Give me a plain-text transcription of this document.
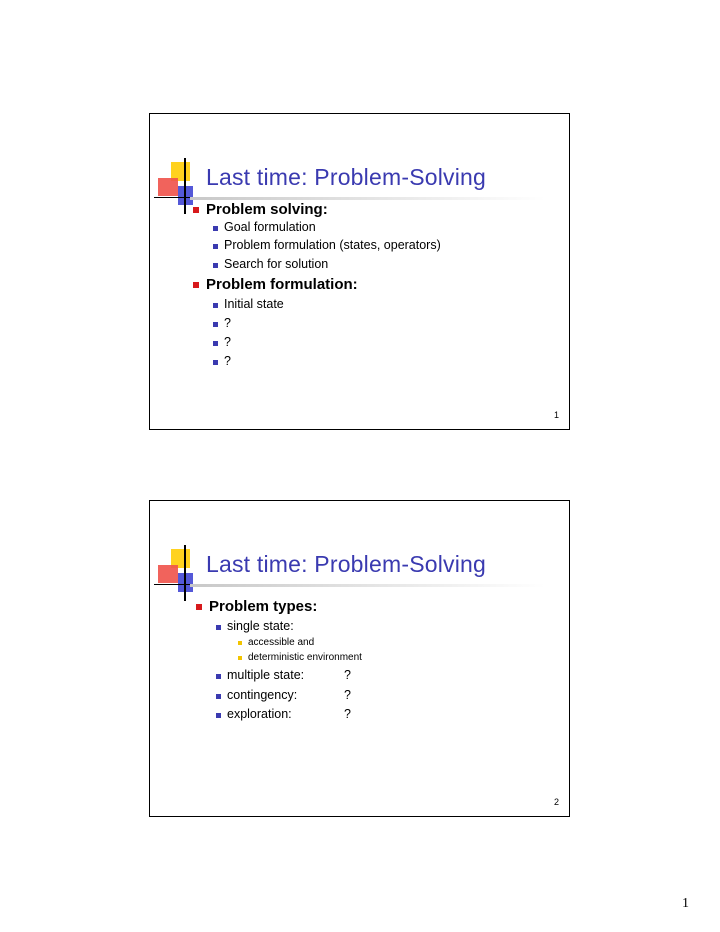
Last time: Problem-Solving
Problem solving:
Goal formulation
Problem formulation (states, operators)
Search for solution
Problem formulation:
Initial state
?
?
?
1
Last time: Problem-Solving
Problem types:
single state:
accessible and
deterministic environment
multiple state:	?
contingency:	?
exploration:	?
2
1
